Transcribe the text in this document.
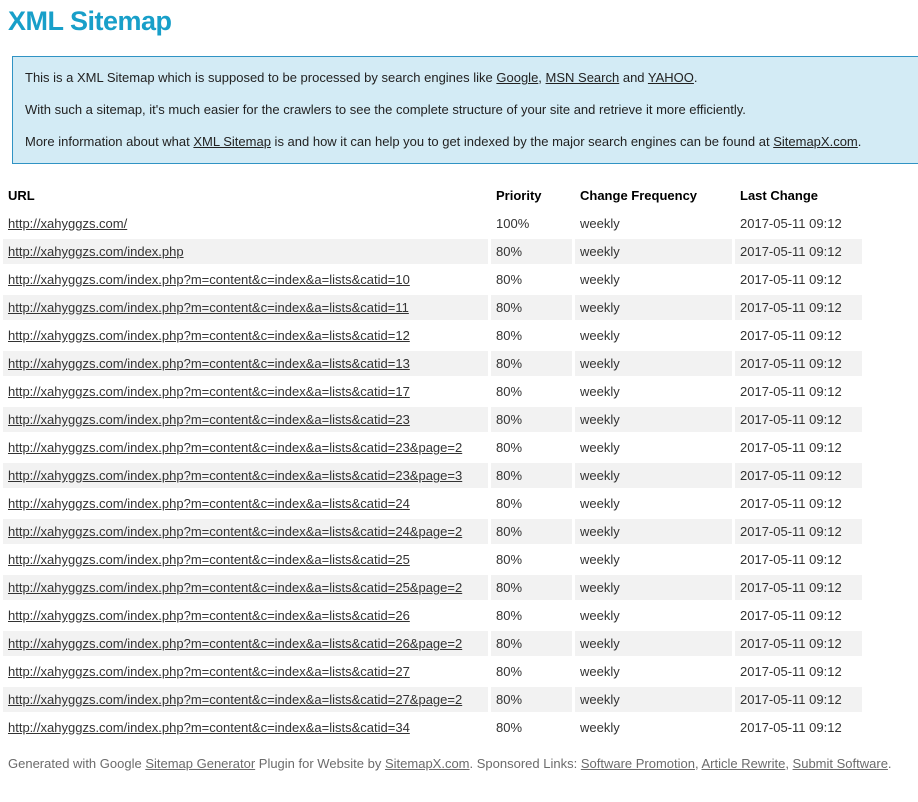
XML Sitemap

This is a XML Sitemap which is supposed to be processed by search engines like Google, MSN Search and YAHOO.

With such a sitemap, it's much easier for the crawlers to see the complete structure of your site and retrieve it more efficiently.

More information about what XML Sitemap is and how it can help you to get indexed by the major search engines can be found at SitemapX.com.

URL	Priority	Change Frequency	Last Change
http://xahyggzs.com/	100%	weekly	2017-05-11 09:12
http://xahyggzs.com/index.php	80%	weekly	2017-05-11 09:12
http://xahyggzs.com/index.php?m=content&c=index&a=lists&catid=10	80%	weekly	2017-05-11 09:12
http://xahyggzs.com/index.php?m=content&c=index&a=lists&catid=11	80%	weekly	2017-05-11 09:12
http://xahyggzs.com/index.php?m=content&c=index&a=lists&catid=12	80%	weekly	2017-05-11 09:12
http://xahyggzs.com/index.php?m=content&c=index&a=lists&catid=13	80%	weekly	2017-05-11 09:12
http://xahyggzs.com/index.php?m=content&c=index&a=lists&catid=17	80%	weekly	2017-05-11 09:12
http://xahyggzs.com/index.php?m=content&c=index&a=lists&catid=23	80%	weekly	2017-05-11 09:12
http://xahyggzs.com/index.php?m=content&c=index&a=lists&catid=23&page=2	80%	weekly	2017-05-11 09:12
http://xahyggzs.com/index.php?m=content&c=index&a=lists&catid=23&page=3	80%	weekly	2017-05-11 09:12
http://xahyggzs.com/index.php?m=content&c=index&a=lists&catid=24	80%	weekly	2017-05-11 09:12
http://xahyggzs.com/index.php?m=content&c=index&a=lists&catid=24&page=2	80%	weekly	2017-05-11 09:12
http://xahyggzs.com/index.php?m=content&c=index&a=lists&catid=25	80%	weekly	2017-05-11 09:12
http://xahyggzs.com/index.php?m=content&c=index&a=lists&catid=25&page=2	80%	weekly	2017-05-11 09:12
http://xahyggzs.com/index.php?m=content&c=index&a=lists&catid=26	80%	weekly	2017-05-11 09:12
http://xahyggzs.com/index.php?m=content&c=index&a=lists&catid=26&page=2	80%	weekly	2017-05-11 09:12
http://xahyggzs.com/index.php?m=content&c=index&a=lists&catid=27	80%	weekly	2017-05-11 09:12
http://xahyggzs.com/index.php?m=content&c=index&a=lists&catid=27&page=2	80%	weekly	2017-05-11 09:12
http://xahyggzs.com/index.php?m=content&c=index&a=lists&catid=34	80%	weekly	2017-05-11 09:12
Generated with Google Sitemap Generator Plugin for Website by SitemapX.com. Sponsored Links: Software Promotion, Article Rewrite, Submit Software.
